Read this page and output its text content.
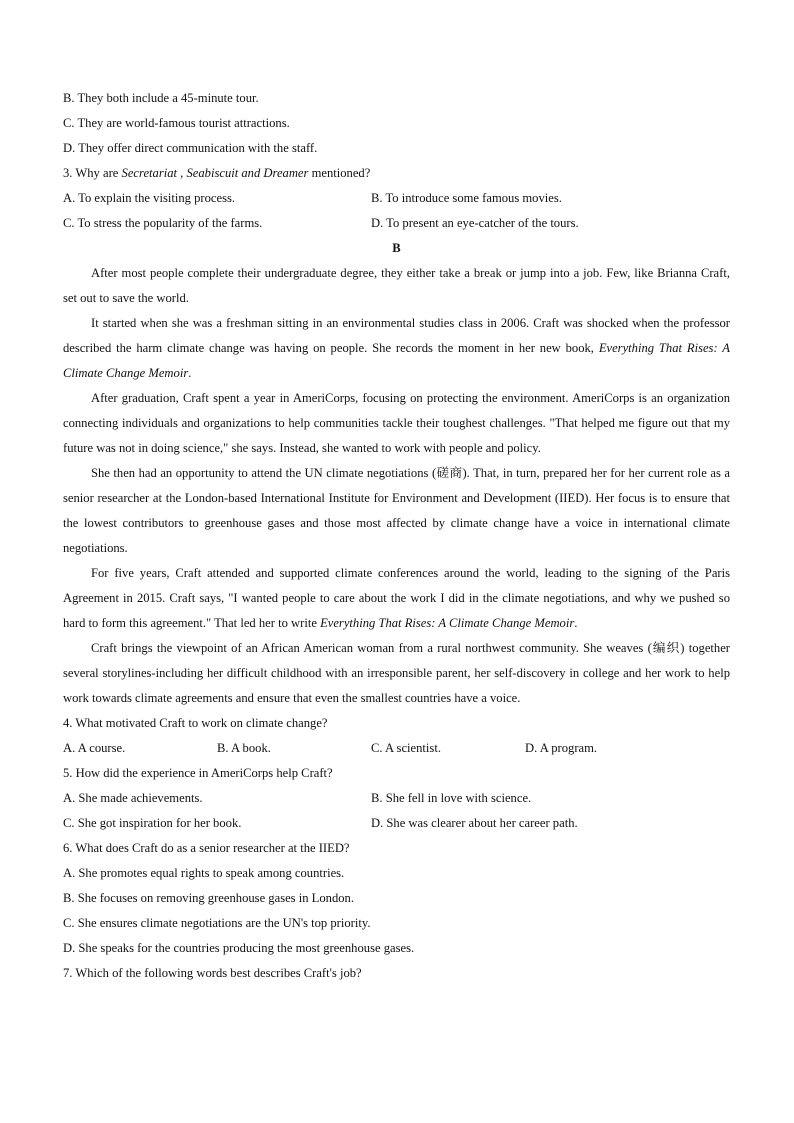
B. They both include a 45-minute tour.
C. They are world-famous tourist attractions.
D. They offer direct communication with the staff.
3. Why are Secretariat , Seabiscuit and Dreamer mentioned?
A. To explain the visiting process.	B. To introduce some famous movies.
C. To stress the popularity of the farms.	D. To present an eye-catcher of the tours.
B

After most people complete their undergraduate degree, they either take a break or jump into a job. Few, like Brianna Craft, set out to save the world.

It started when she was a freshman sitting in an environmental studies class in 2006. Craft was shocked when the professor described the harm climate change was having on people. She records the moment in her new book, Everything That Rises: A Climate Change Memoir.

After graduation, Craft spent a year in AmeriCorps, focusing on protecting the environment. AmeriCorps is an organization connecting individuals and organizations to help communities tackle their toughest challenges. "That helped me figure out that my future was not in doing science," she says. Instead, she wanted to work with people and policy.

She then had an opportunity to attend the UN climate negotiations (磋商). That, in turn, prepared her for her current role as a senior researcher at the London-based International Institute for Environment and Development (IIED). Her focus is to ensure that the lowest contributors to greenhouse gases and those most affected by climate change have a voice in international climate negotiations.

For five years, Craft attended and supported climate conferences around the world, leading to the signing of the Paris Agreement in 2015. Craft says, "I wanted people to care about the work I did in the climate negotiations, and why we pushed so hard to form this agreement." That led her to write Everything That Rises: A Climate Change Memoir.

Craft brings the viewpoint of an African American woman from a rural northwest community. She weaves (编织) together several storylines-including her difficult childhood with an irresponsible parent, her self-discovery in college and her work to help work towards climate agreements and ensure that even the smallest countries have a voice.

4. What motivated Craft to work on climate change?
A. A course.	B. A book.	C. A scientist.	D. A program.
5. How did the experience in AmeriCorps help Craft?
A. She made achievements.	B. She fell in love with science.
C. She got inspiration for her book.	D. She was clearer about her career path.
6. What does Craft do as a senior researcher at the IIED?
A. She promotes equal rights to speak among countries.
B. She focuses on removing greenhouse gases in London.
C. She ensures climate negotiations are the UN's top priority.
D. She speaks for the countries producing the most greenhouse gases.
7. Which of the following words best describes Craft's job?
